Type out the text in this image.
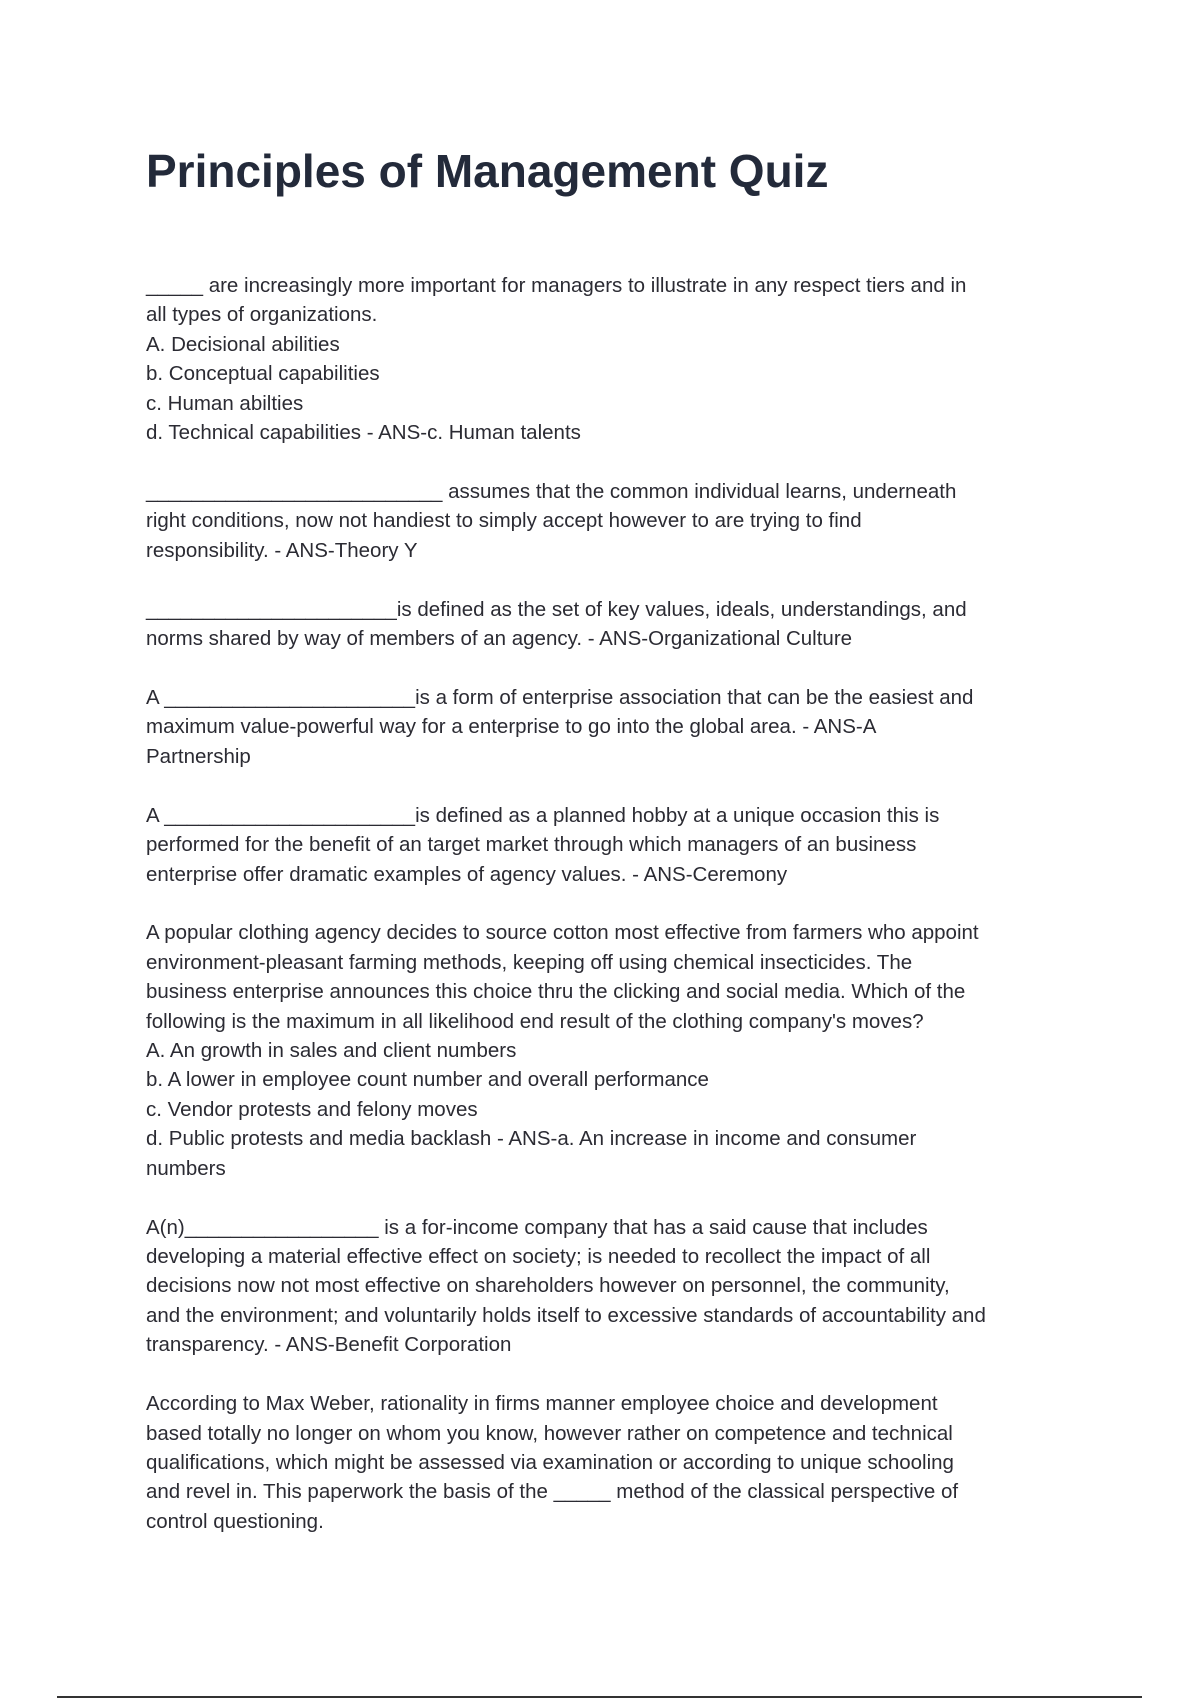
Principles of Management Quiz

_____ are increasingly more important for managers to illustrate in any respect tiers and in

all types of organizations.

A. Decisional abilities

b. Conceptual capabilities

c. Human abilties

d. Technical capabilities - ANS-c. Human talents

__________________________ assumes that the common individual learns, underneath

right conditions, now not handiest to simply accept however to are trying to find

responsibility. - ANS-Theory Y

______________________is defined as the set of key values, ideals, understandings, and

norms shared by way of members of an agency. - ANS-Organizational Culture

A ______________________is a form of enterprise association that can be the easiest and

maximum value-powerful way for a enterprise to go into the global area. - ANS-A

Partnership

A ______________________is defined as a planned hobby at a unique occasion this is

performed for the benefit of an target market through which managers of an business

enterprise offer dramatic examples of agency values. - ANS-Ceremony

A popular clothing agency decides to source cotton most effective from farmers who appoint

environment-pleasant farming methods, keeping off using chemical insecticides. The

business enterprise announces this choice thru the clicking and social media. Which of the

following is the maximum in all likelihood end result of the clothing company's moves?

A. An growth in sales and client numbers

b. A lower in employee count number and overall performance

c. Vendor protests and felony moves

d. Public protests and media backlash - ANS-a. An increase in income and consumer

numbers

A(n)_________________ is a for-income company that has a said cause that includes

developing a material effective effect on society; is needed to recollect the impact of all

decisions now not most effective on shareholders however on personnel, the community,

and the environment; and voluntarily holds itself to excessive standards of accountability and

transparency. - ANS-Benefit Corporation

According to Max Weber, rationality in firms manner employee choice and development

based totally no longer on whom you know, however rather on competence and technical

qualifications, which might be assessed via examination or according to unique schooling

and revel in. This paperwork the basis of the _____ method of the classical perspective of

control questioning.
